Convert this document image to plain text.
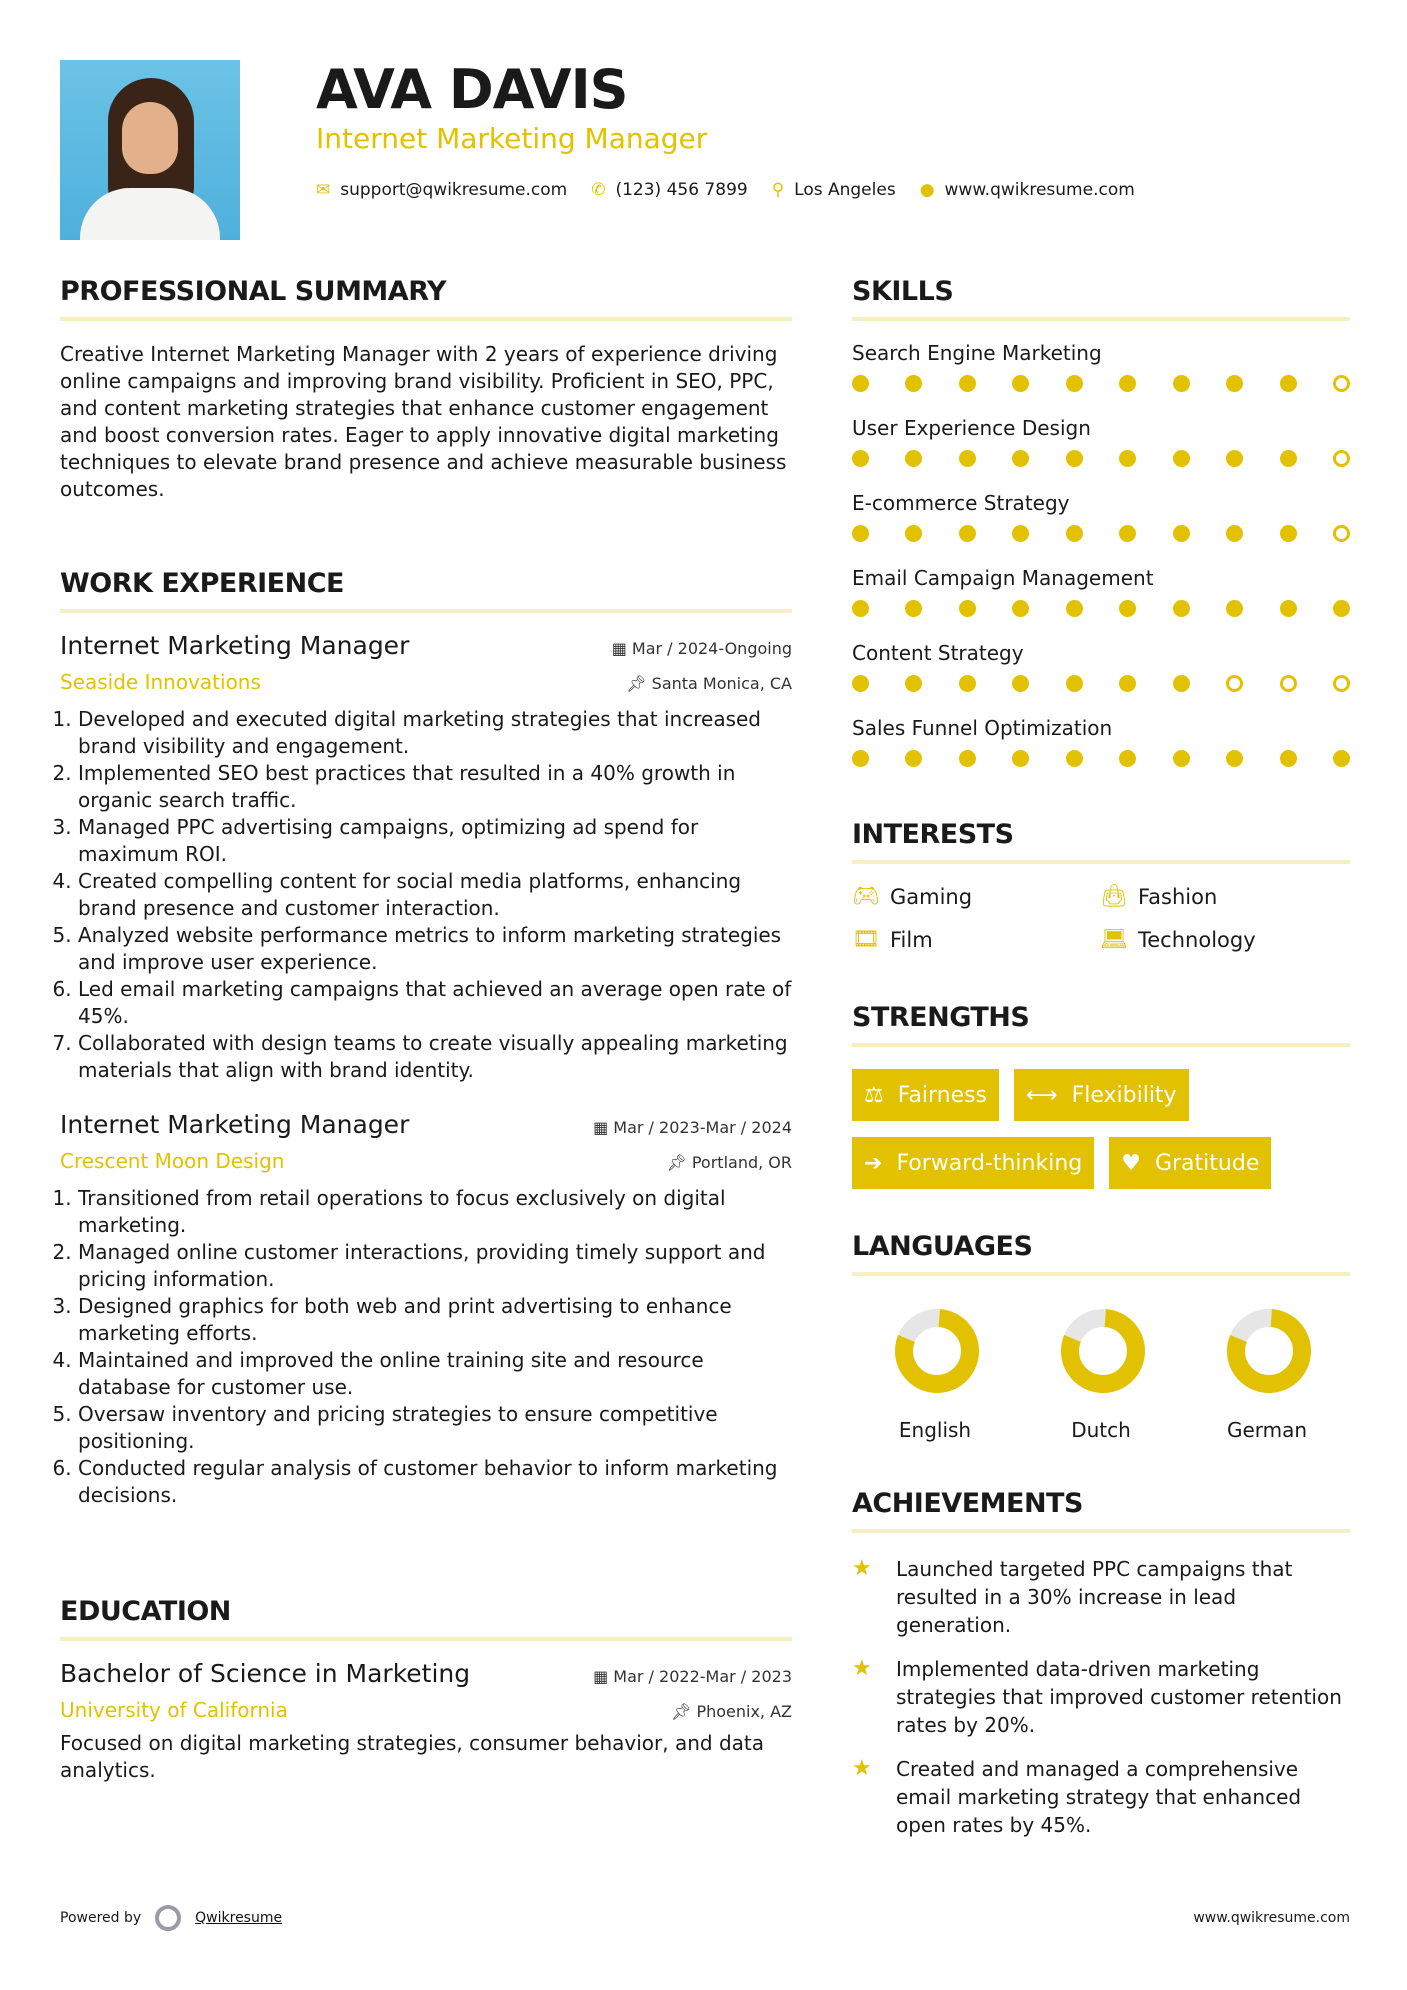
AVA DAVIS
Internet Marketing Manager
✉ support@qwikresume.com ✆ (123) 456 7899 ⚲ Los Angeles ● www.qwikresume.com
PROFESSIONAL SUMMARY

Creative Internet Marketing Manager with 2 years of experience driving online campaigns and improving brand visibility. Proficient in SEO, PPC, and content marketing strategies that enhance customer engagement and boost conversion rates. Eager to apply innovative digital marketing techniques to elevate brand presence and achieve measurable business outcomes.

WORK EXPERIENCE
Internet Marketing Manager	▦ Mar / 2024-Ongoing
Seaside Innovations	📌︎ Santa Monica, CA
1. Developed and executed digital marketing strategies that increased brand visibility and engagement.
2. Implemented SEO best practices that resulted in a 40% growth in organic search traffic.
3. Managed PPC advertising campaigns, optimizing ad spend for maximum ROI.
4. Created compelling content for social media platforms, enhancing brand presence and customer interaction.
5. Analyzed website performance metrics to inform marketing strategies and improve user experience.
6. Led email marketing campaigns that achieved an average open rate of 45%.
7. Collaborated with design teams to create visually appealing marketing materials that align with brand identity.
Internet Marketing Manager	▦ Mar / 2023-Mar / 2024
Crescent Moon Design	📌︎ Portland, OR
1. Transitioned from retail operations to focus exclusively on digital marketing.
2. Managed online customer interactions, providing timely support and pricing information.
3. Designed graphics for both web and print advertising to enhance marketing efforts.
4. Maintained and improved the online training site and resource database for customer use.
5. Oversaw inventory and pricing strategies to ensure competitive positioning.
6. Conducted regular analysis of customer behavior to inform marketing decisions.
EDUCATION
Bachelor of Science in Marketing	▦ Mar / 2022-Mar / 2023
University of California	📌︎ Phoenix, AZ

Focused on digital marketing strategies, consumer behavior, and data analytics.

SKILLS
Search Engine Marketing
User Experience Design
E-commerce Strategy
Email Campaign Management
Content Strategy
Sales Funnel Optimization
INTERESTS
🎮︎ Gaming	👜︎ Fashion
🎞︎ Film	💻︎ Technology
STRENGTHS
⚖ Fairness ⟷ Flexibility
➔ Forward-thinking ♥ Gratitude
LANGUAGES
English	Dutch	German
ACHIEVEMENTS
★	Launched targeted PPC campaigns that resulted in a 30% increase in lead generation.
★	Implemented data-driven marketing strategies that improved customer retention rates by 20%.
★	Created and managed a comprehensive email marketing strategy that enhanced open rates by 45%.
Powered by	Qwikresume	www.qwikresume.com
